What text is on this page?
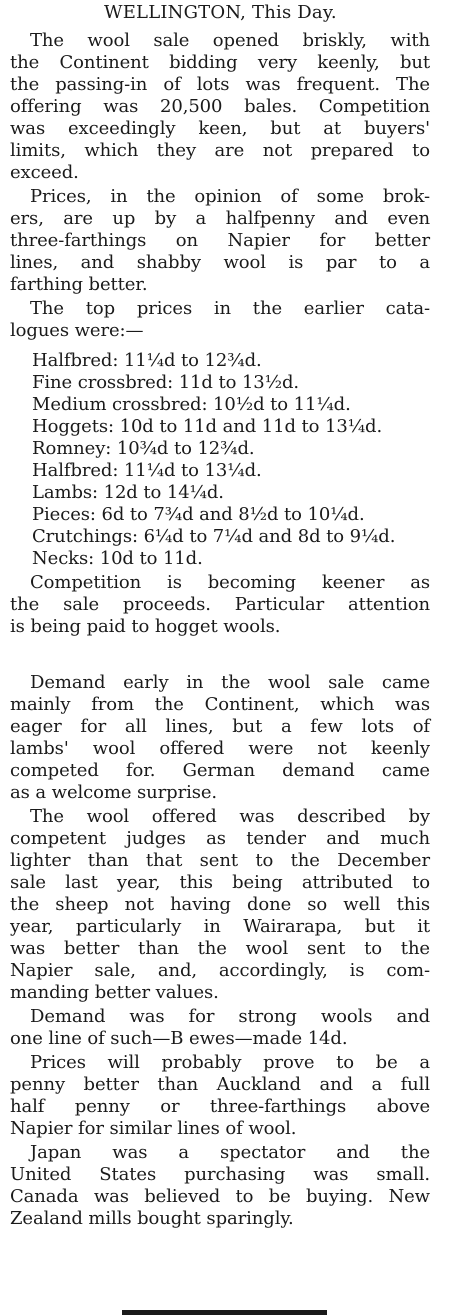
WELLINGTON, This Day.
The wool sale opened briskly, with
the Continent bidding very keenly, but
the passing-in of lots was frequent. The
offering was 20,500 bales. Competition
was exceedingly keen, but at buyers'
limits, which they are not prepared to
exceed.
Prices, in the opinion of some brok-
ers, are up by a halfpenny and even
three-farthings on Napier for better
lines, and shabby wool is par to a
farthing better.
The top prices in the earlier cata-
logues were:—
Halfbred: 11¼d to 12¾d.
Fine crossbred: 11d to 13½d.
Medium crossbred: 10½d to 11¼d.
Hoggets: 10d to 11d and 11d to 13¼d.
Romney: 10¾d to 12¾d.
Halfbred: 11¼d to 13¼d.
Lambs: 12d to 14¼d.
Pieces: 6d to 7¾d and 8½d to 10¼d.
Crutchings: 6¼d to 7¼d and 8d to 9¼d.
Necks: 10d to 11d.
Competition is becoming keener as
the sale proceeds. Particular attention
is being paid to hogget wools.
Demand early in the wool sale came
mainly from the Continent, which was
eager for all lines, but a few lots of
lambs' wool offered were not keenly
competed for. German demand came
as a welcome surprise.
The wool offered was described by
competent judges as tender and much
lighter than that sent to the December
sale last year, this being attributed to
the sheep not having done so well this
year, particularly in Wairarapa, but it
was better than the wool sent to the
Napier sale, and, accordingly, is com-
manding better values.
Demand was for strong wools and
one line of such—B ewes—made 14d.
Prices will probably prove to be a
penny better than Auckland and a full
half penny or three-farthings above
Napier for similar lines of wool.
Japan was a spectator and the
United States purchasing was small.
Canada was believed to be buying. New
Zealand mills bought sparingly.
